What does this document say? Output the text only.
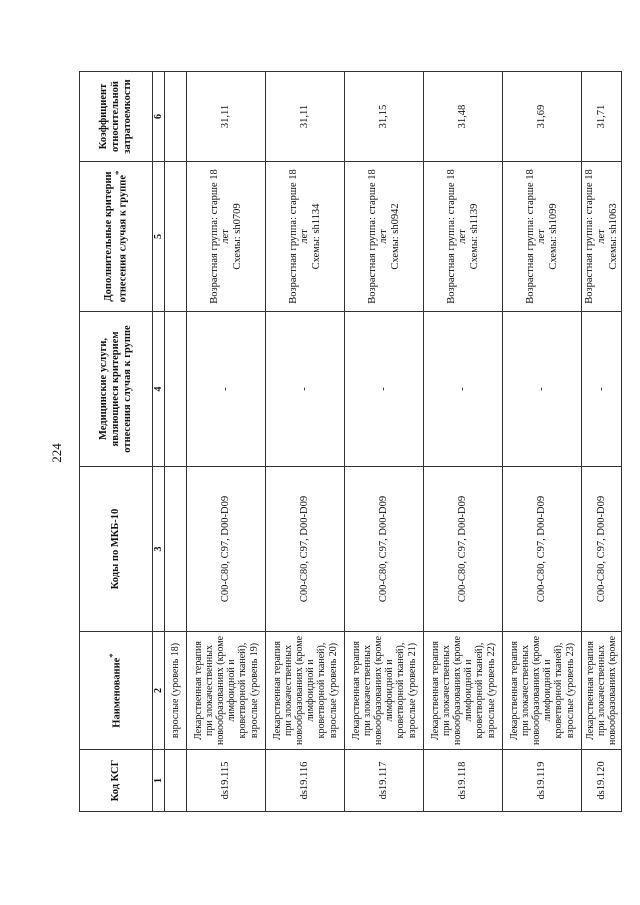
224
Код КСГ	Наименование*	Коды по МКБ-10	Медицинские услуги, являющиеся критерием отнесения случая к группе	Дополнительные критерии отнесения случая к группе*	Коэффициент относительной затратоемкости
1	2	3	4	5	6
	взрослые (уровень 18)				
ds19.115	Лекарственная терапия при злокачественных новообразованиях (кроме лимфоидной и кроветворной тканей), взрослые (уровень 19)	C00-C80, C97, D00-D09	-	Возрастная группа: старше 18 лет Схемы: sh0709	31,11
ds19.116	Лекарственная терапия при злокачественных новообразованиях (кроме лимфоидной и кроветворной тканей), взрослые (уровень 20)	C00-C80, C97, D00-D09	-	Возрастная группа: старше 18 лет Схемы: sh1134	31,11
ds19.117	Лекарственная терапия при злокачественных новообразованиях (кроме лимфоидной и кроветворной тканей), взрослые (уровень 21)	C00-C80, C97, D00-D09	-	Возрастная группа: старше 18 лет Схемы: sh0942	31,15
ds19.118	Лекарственная терапия при злокачественных новообразованиях (кроме лимфоидной и кроветворной тканей), взрослые (уровень 22)	C00-C80, C97, D00-D09	-	Возрастная группа: старше 18 лет Схемы: sh1139	31,48
ds19.119	Лекарственная терапия при злокачественных новообразованиях (кроме лимфоидной и кроветворной тканей), взрослые (уровень 23)	C00-C80, C97, D00-D09	-	Возрастная группа: старше 18 лет Схемы: sh1099	31,69
ds19.120	Лекарственная терапия при злокачественных новообразованиях (кроме	C00-C80, C97, D00-D09	-	Возрастная группа: старше 18 лет Схемы: sh1063	31,71
